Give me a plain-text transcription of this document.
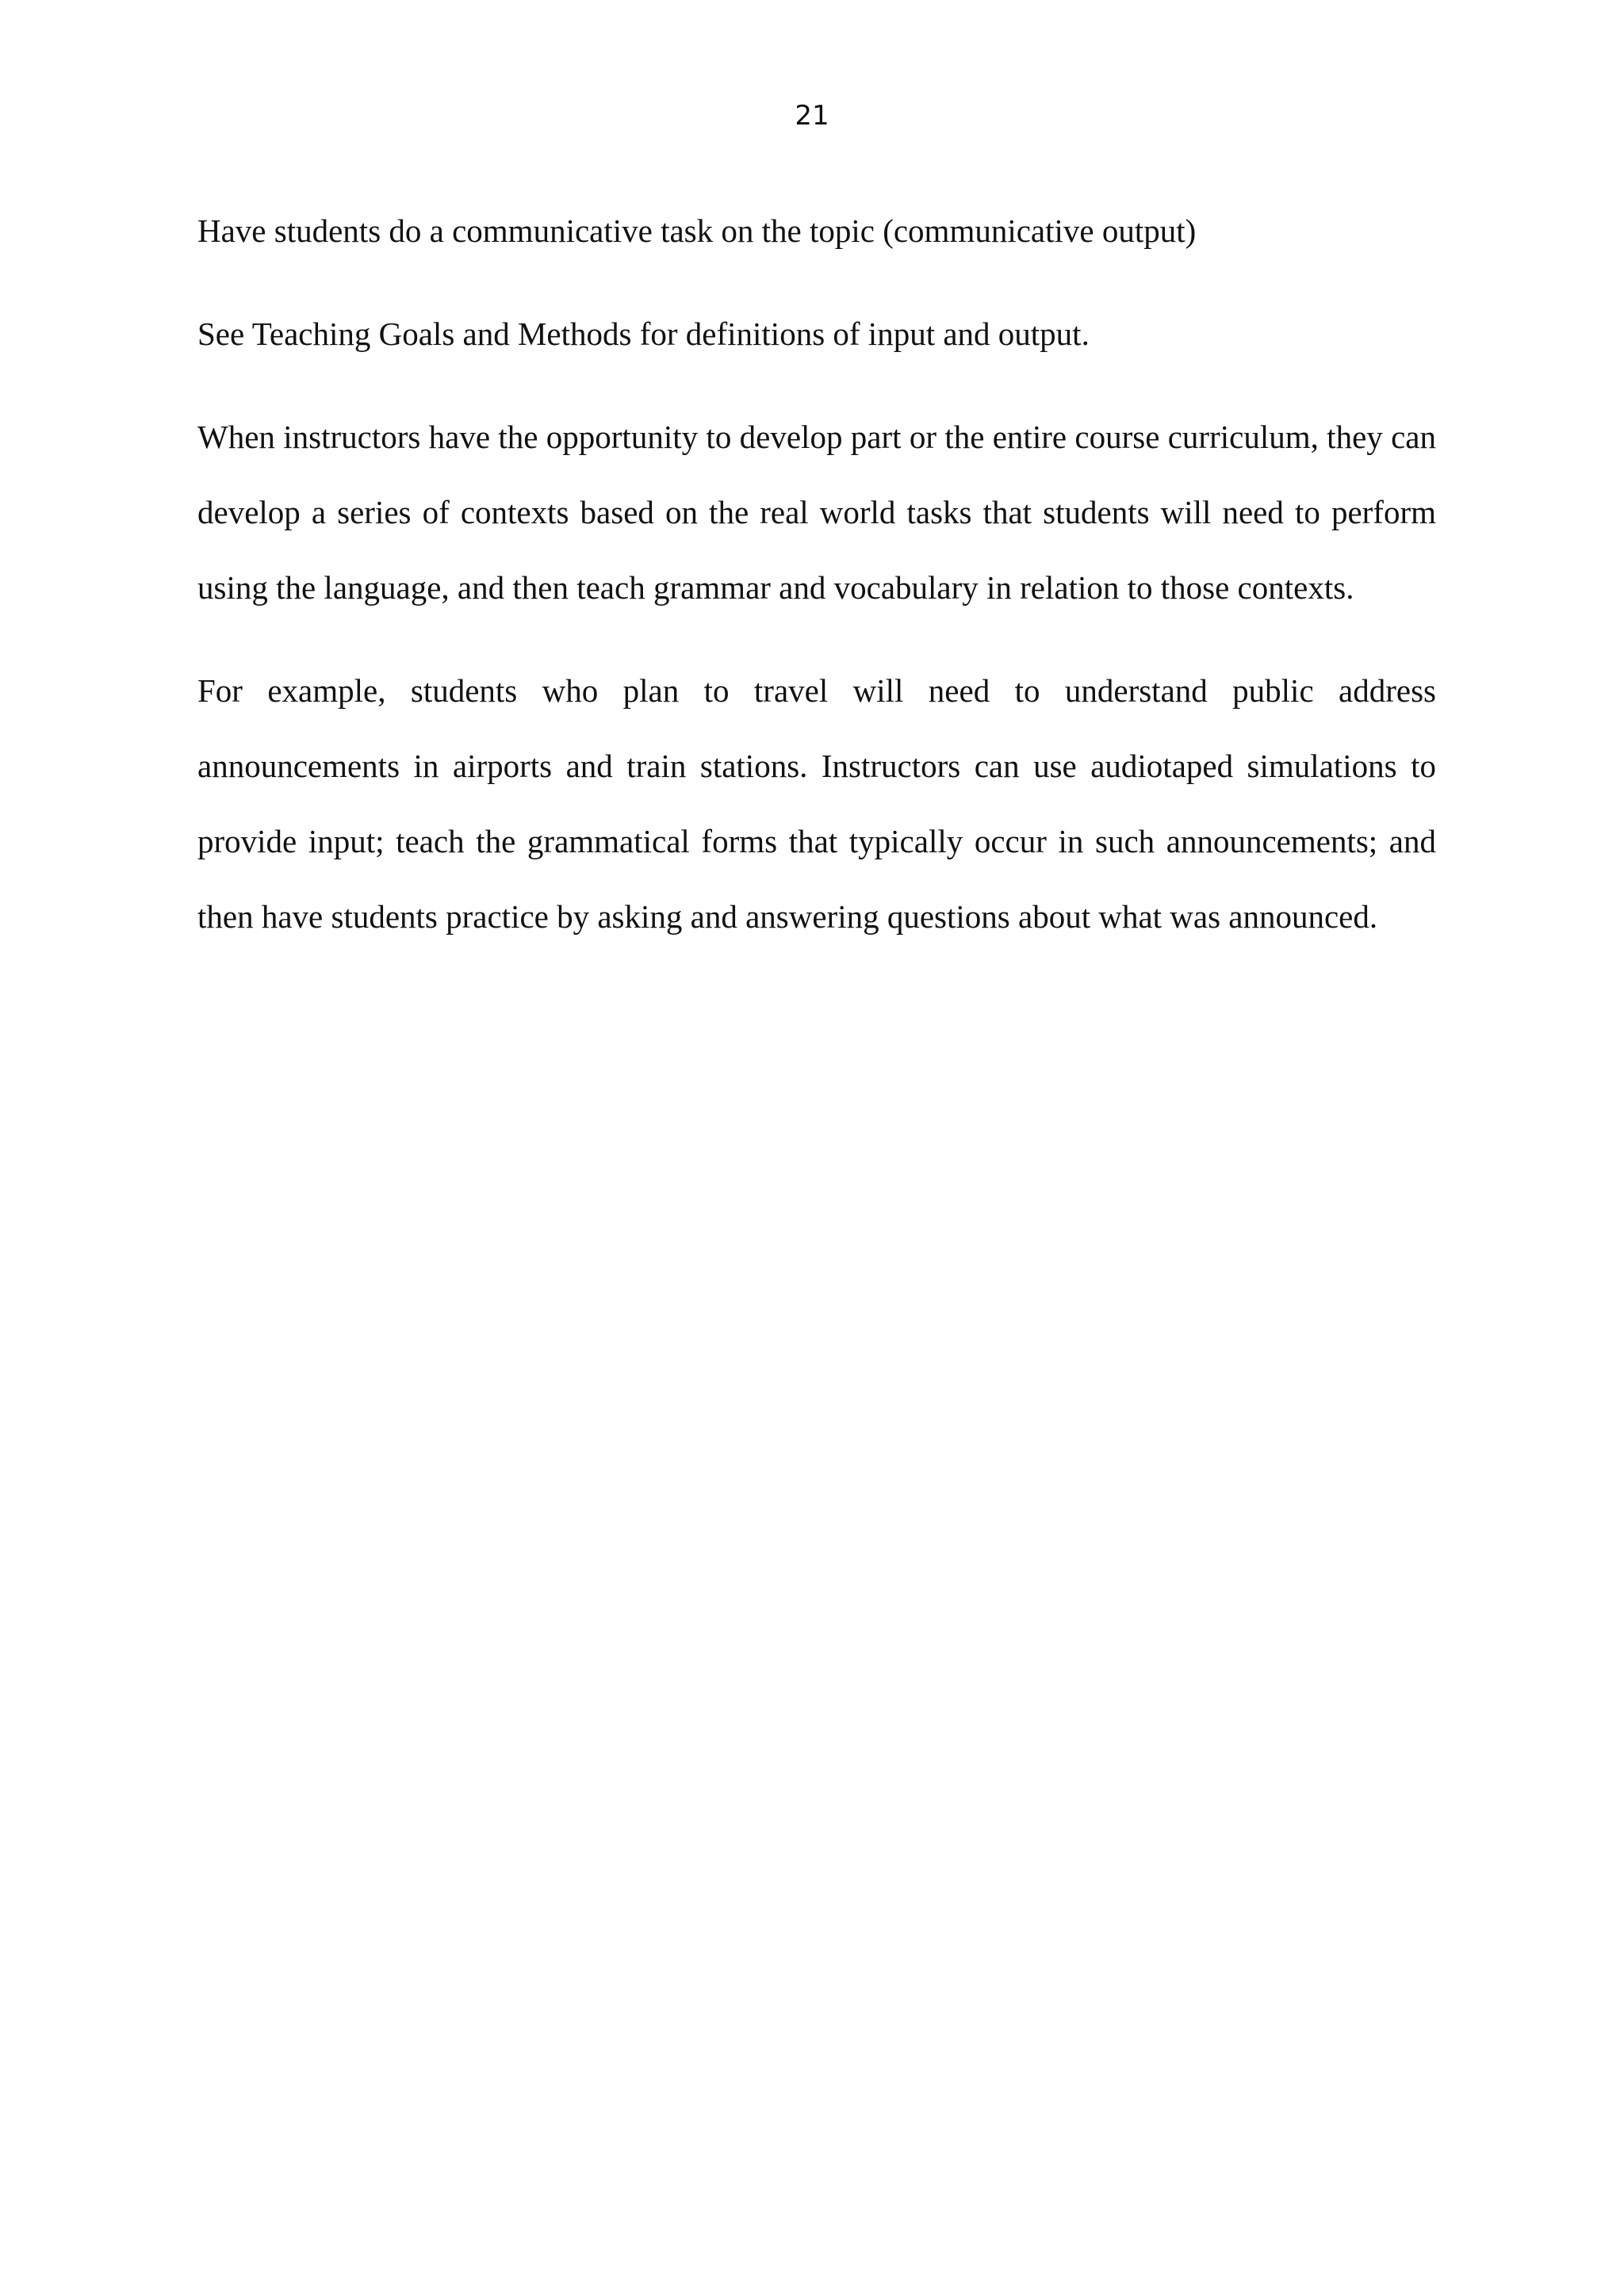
21

Have students do a communicative task on the topic (communicative output)

See Teaching Goals and Methods for definitions of input and output.

When instructors have the opportunity to develop part or the entire course curriculum, they can develop a series of contexts based on the real world tasks that students will need to perform using the language, and then teach grammar and vocabulary in relation to those contexts.

For example, students who plan to travel will need to understand public address announcements in airports and train stations. Instructors can use audiotaped simulations to provide input; teach the grammatical forms that typically occur in such announcements; and then have students practice by asking and answering questions about what was announced.
